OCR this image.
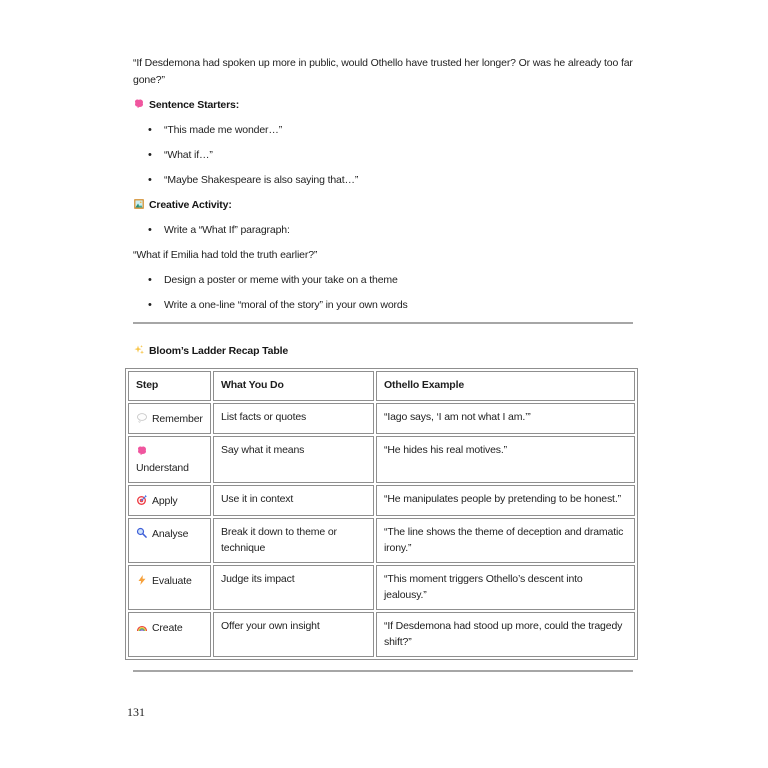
“If Desdemona had spoken up more in public, would Othello have trusted her longer? Or was he already too far gone?”

Sentence Starters:

• “This made me wonder…”
• “What if…”
• “Maybe Shakespeare is also saying that…”

Creative Activity:

• Write a “What If” paragraph:

“What if Emilia had told the truth earlier?”

• Design a poster or meme with your take on a theme
• Write a one-line “moral of the story” in your own words

Bloom’s Ladder Recap Table

Step	What You Do	Othello Example

Remember	List facts or quotes	“Iago says, ‘I am not what I am.’”

Understand	Say what it means	“He hides his real motives.”

Apply	Use it in context	“He manipulates people by pretending to be honest.”

Analyse	Break it down to theme or technique	“The line shows the theme of deception and dramatic irony.”

Evaluate	Judge its impact	“This moment triggers Othello’s descent into jealousy.”

Create	Offer your own insight	“If Desdemona had stood up more, could the tragedy shift?”
131
